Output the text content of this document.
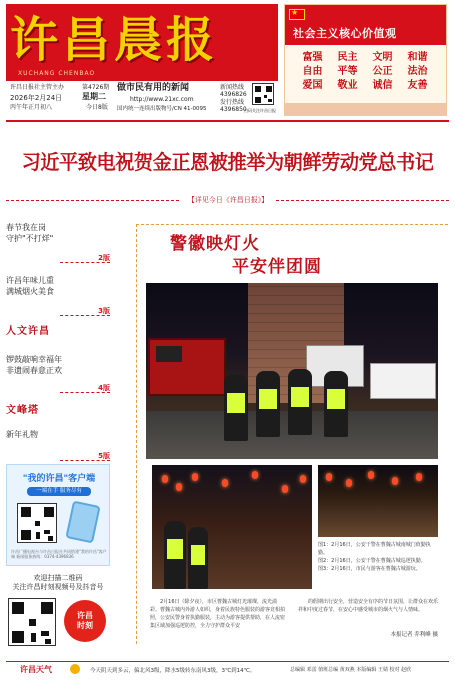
许昌晨报
XUCHANG CHENBAO
许昌日报社主管主办
2026年2月24日
丙午年正月初八
第4726期
星期二
今日8版
做市民有用的新闻
http://www.21xc.com
国内统一连续出版物号/CN 41-0095
新闻热线
4396826
发行热线
4396850
扫码关注许昌日报
★
社会主义核心价值观
富强 民主 文明 和谐 自由 平等 公正 法治 爱国 敬业 诚信 友善
习近平致电祝贺金正恩被推举为朝鲜劳动党总书记
【详见今日《许昌日报》】
春节我在岗
守护"不打烊"
2版
许昌年味儿重
满城烟火美食
3版
人文许昌
锣鼓敲响幸福年
非遗闹春意正欢
4版
文峰塔
新年礼物
5版
"我的许昌"客户端
一端在手 服务尽有
许昌广播电视台与许昌日报社共同搭建"我的许昌"客户端 新闻服务热线：0374-4396836
欢迎扫描二维码
关注许昌时刻视频号及抖音号
许昌
时刻
警徽映灯火
平安伴团圆
图1：2月16日，公安干警在曹魏古城南城门值勤执勤。
图2：2月16日，公安干警在曹魏古城巡逻执勤。
图3：2月16日，市民与游客在曹魏古城游玩。
2月16日（除夕夜），市区曹魏古城灯光璀璨，流光溢彩。曹魏古城内外游人如织，身着民族特色服装的游客竞相拍照，公安民警身着执勤服装，主动为游客提供帮助，在人流密集区域加强巡逻防控，全力守护群众平安
的假期出行安全，营造安全有序的节日氛围，让群众在欢乐祥和中度过春节，在安心中感受城市的烟火气与人情味。
本报记者 乔利峰 摄
许昌天气	今天阴天到多云，偏北风3级，降水5级转东南风3级，3℃到14℃。	总编辑 邓雷 值班总编 黄双燕 本版编辑 王婧 校对 赵欣
